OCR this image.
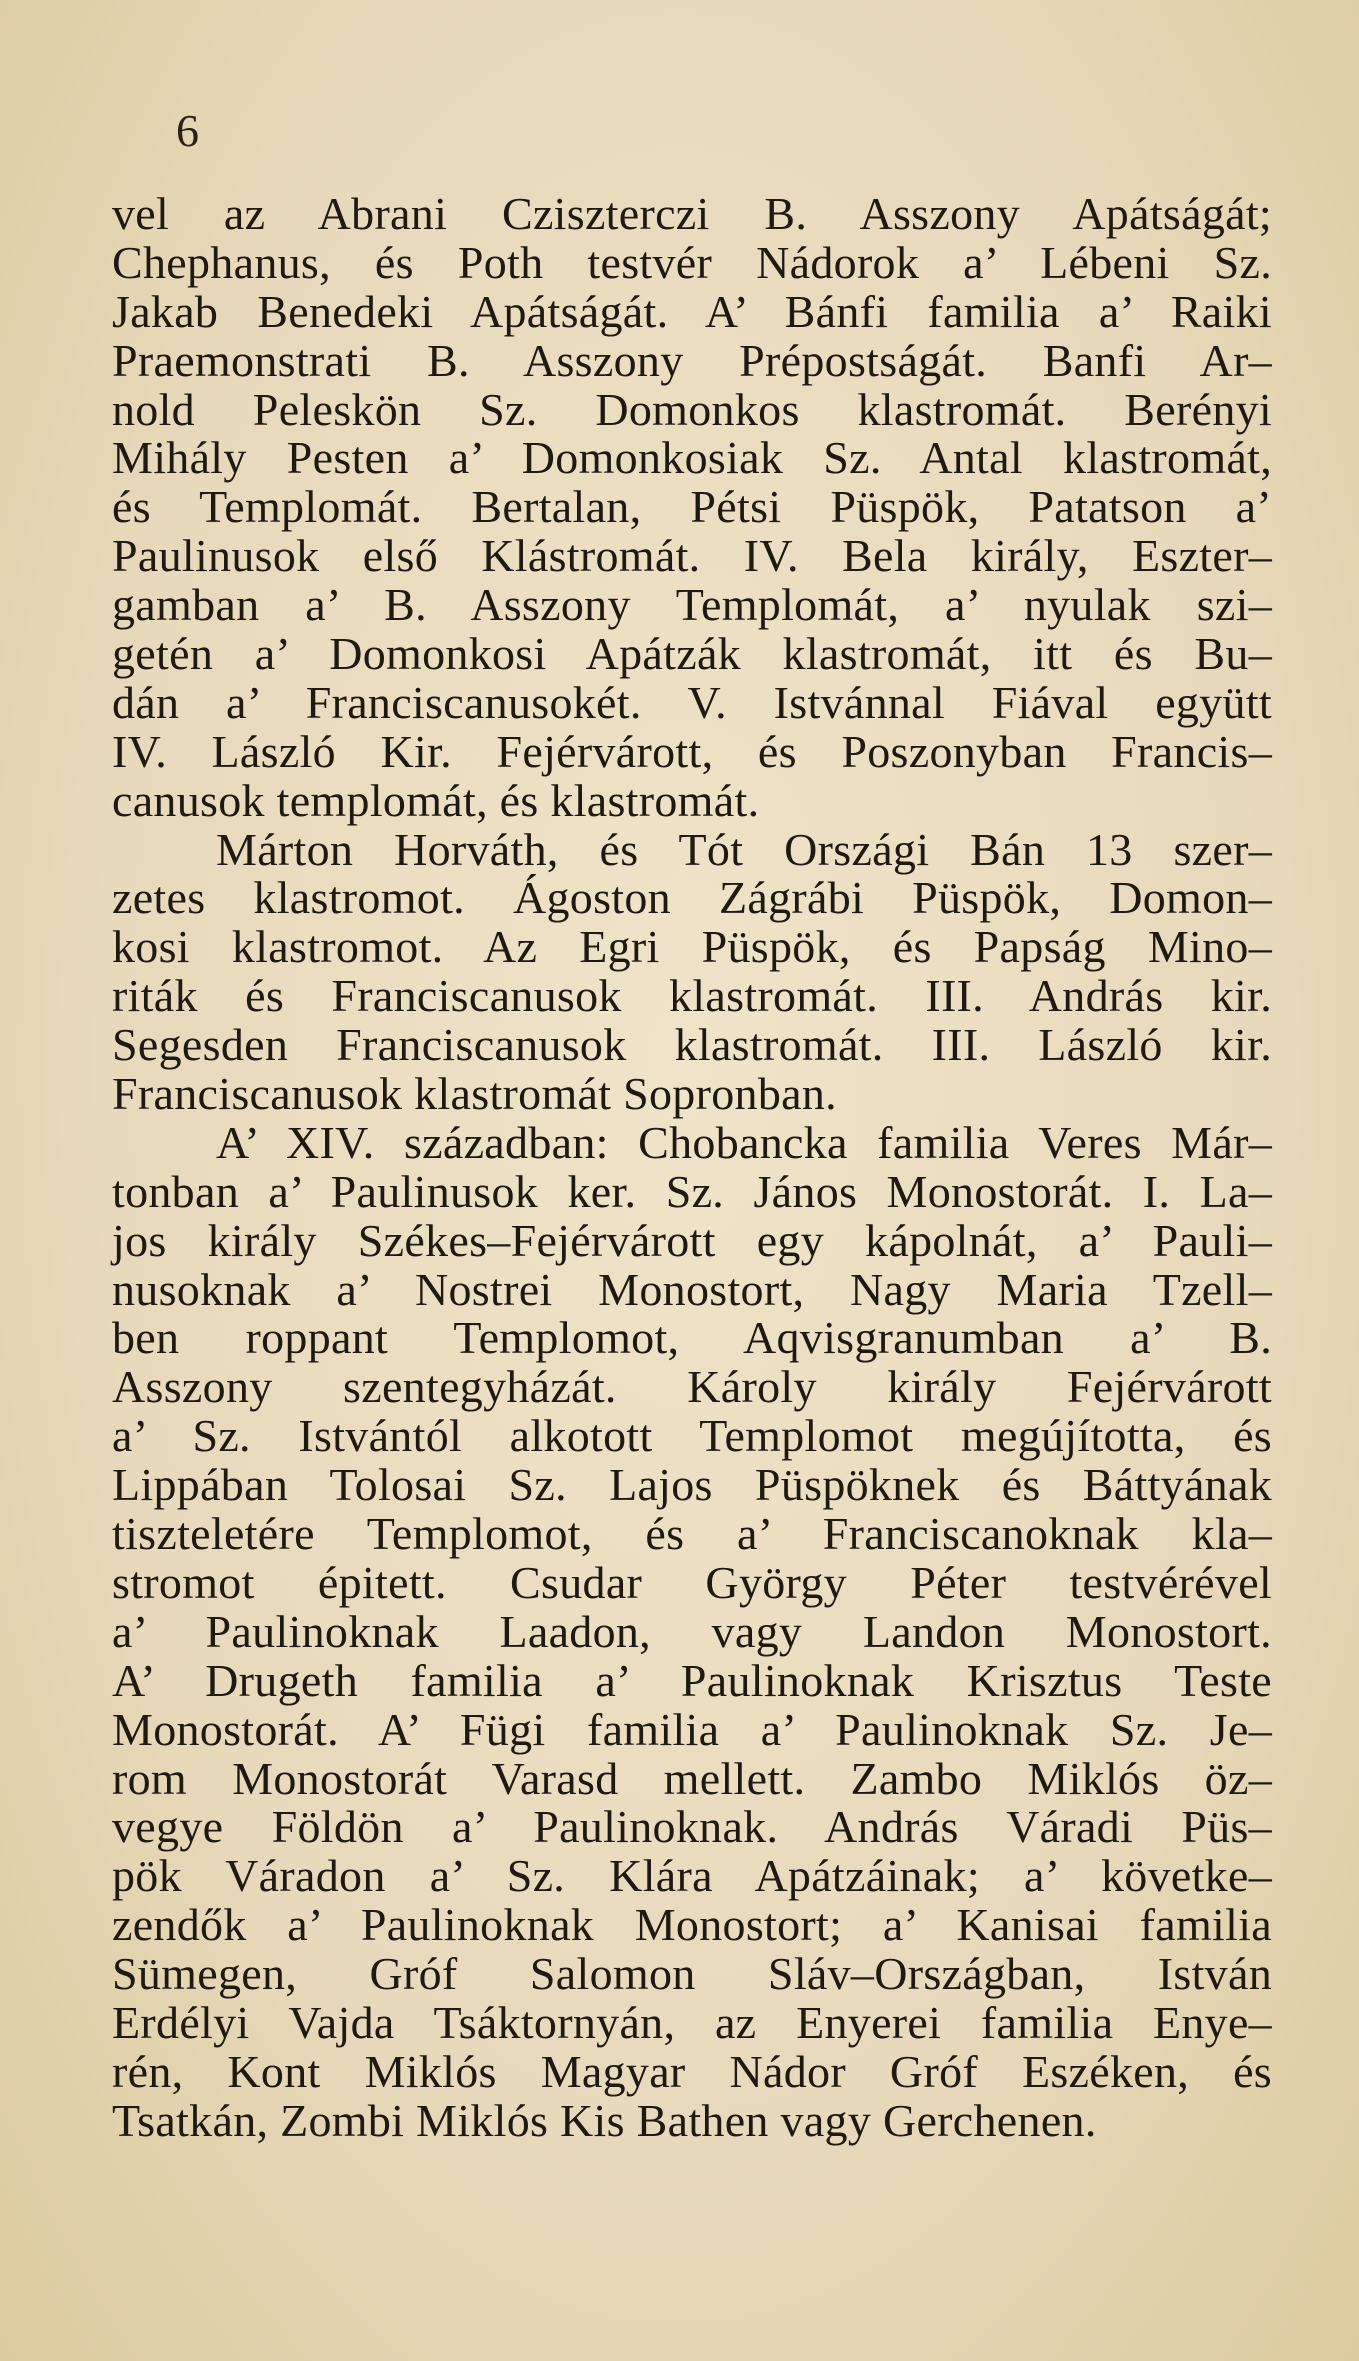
6
vel az Abrani Cziszterczi B. Asszony Apátságát;
Chephanus, és Poth testvér Nádorok a’ Lébeni Sz.
Jakab Benedeki Apátságát. A’ Bánfi familia a’ Raiki
Praemonstrati B. Asszony Prépostságát. Banfi Ar–
nold Peleskön Sz. Domonkos klastromát. Berényi
Mihály Pesten a’ Domonkosiak Sz. Antal klastromát,
és Templomát. Bertalan, Pétsi Püspök, Patatson a’
Paulinusok első Klástromát. IV. Bela király, Eszter–
gamban a’ B. Asszony Templomát, a’ nyulak szi–
getén a’ Domonkosi Apátzák klastromát, itt és Bu–
dán a’ Franciscanusokét. V. Istvánnal Fiával együtt
IV. László Kir. Fejérvárott, és Poszonyban Francis–
canusok templomát, és klastromát.
Márton Horváth, és Tót Országi Bán 13 szer–
zetes klastromot. Ágoston Zágrábi Püspök, Domon–
kosi klastromot. Az Egri Püspök, és Papság Mino–
riták és Franciscanusok klastromát. III. András kir.
Segesden Franciscanusok klastromát. III. László kir.
Franciscanusok klastromát Sopronban.
A’ XIV. században: Chobancka familia Veres Már–
tonban a’ Paulinusok ker. Sz. János Monostorát. I. La–
jos király Székes–Fejérvárott egy kápolnát, a’ Pauli–
nusoknak a’ Nostrei Monostort, Nagy Maria Tzell–
ben roppant Templomot, Aqvisgranumban a’ B.
Asszony szentegyházát. Károly király Fejérvárott
a’ Sz. Istvántól alkotott Templomot megújította, és
Lippában Tolosai Sz. Lajos Püspöknek és Báttyának
tiszteletére Templomot, és a’ Franciscanoknak kla–
stromot épitett. Csudar György Péter testvérével
a’ Paulinoknak Laadon, vagy Landon Monostort.
A’ Drugeth familia a’ Paulinoknak Krisztus Teste
Monostorát. A’ Fügi familia a’ Paulinoknak Sz. Je–
rom Monostorát Varasd mellett. Zambo Miklós öz–
vegye Földön a’ Paulinoknak. András Váradi Püs–
pök Váradon a’ Sz. Klára Apátzáinak; a’ követke–
zendők a’ Paulinoknak Monostort; a’ Kanisai familia
Sümegen, Gróf Salomon Sláv–Országban, István
Erdélyi Vajda Tsáktornyán, az Enyerei familia Enye–
rén, Kont Miklós Magyar Nádor Gróf Eszéken, és
Tsatkán, Zombi Miklós Kis Bathen vagy Gerchenen.
